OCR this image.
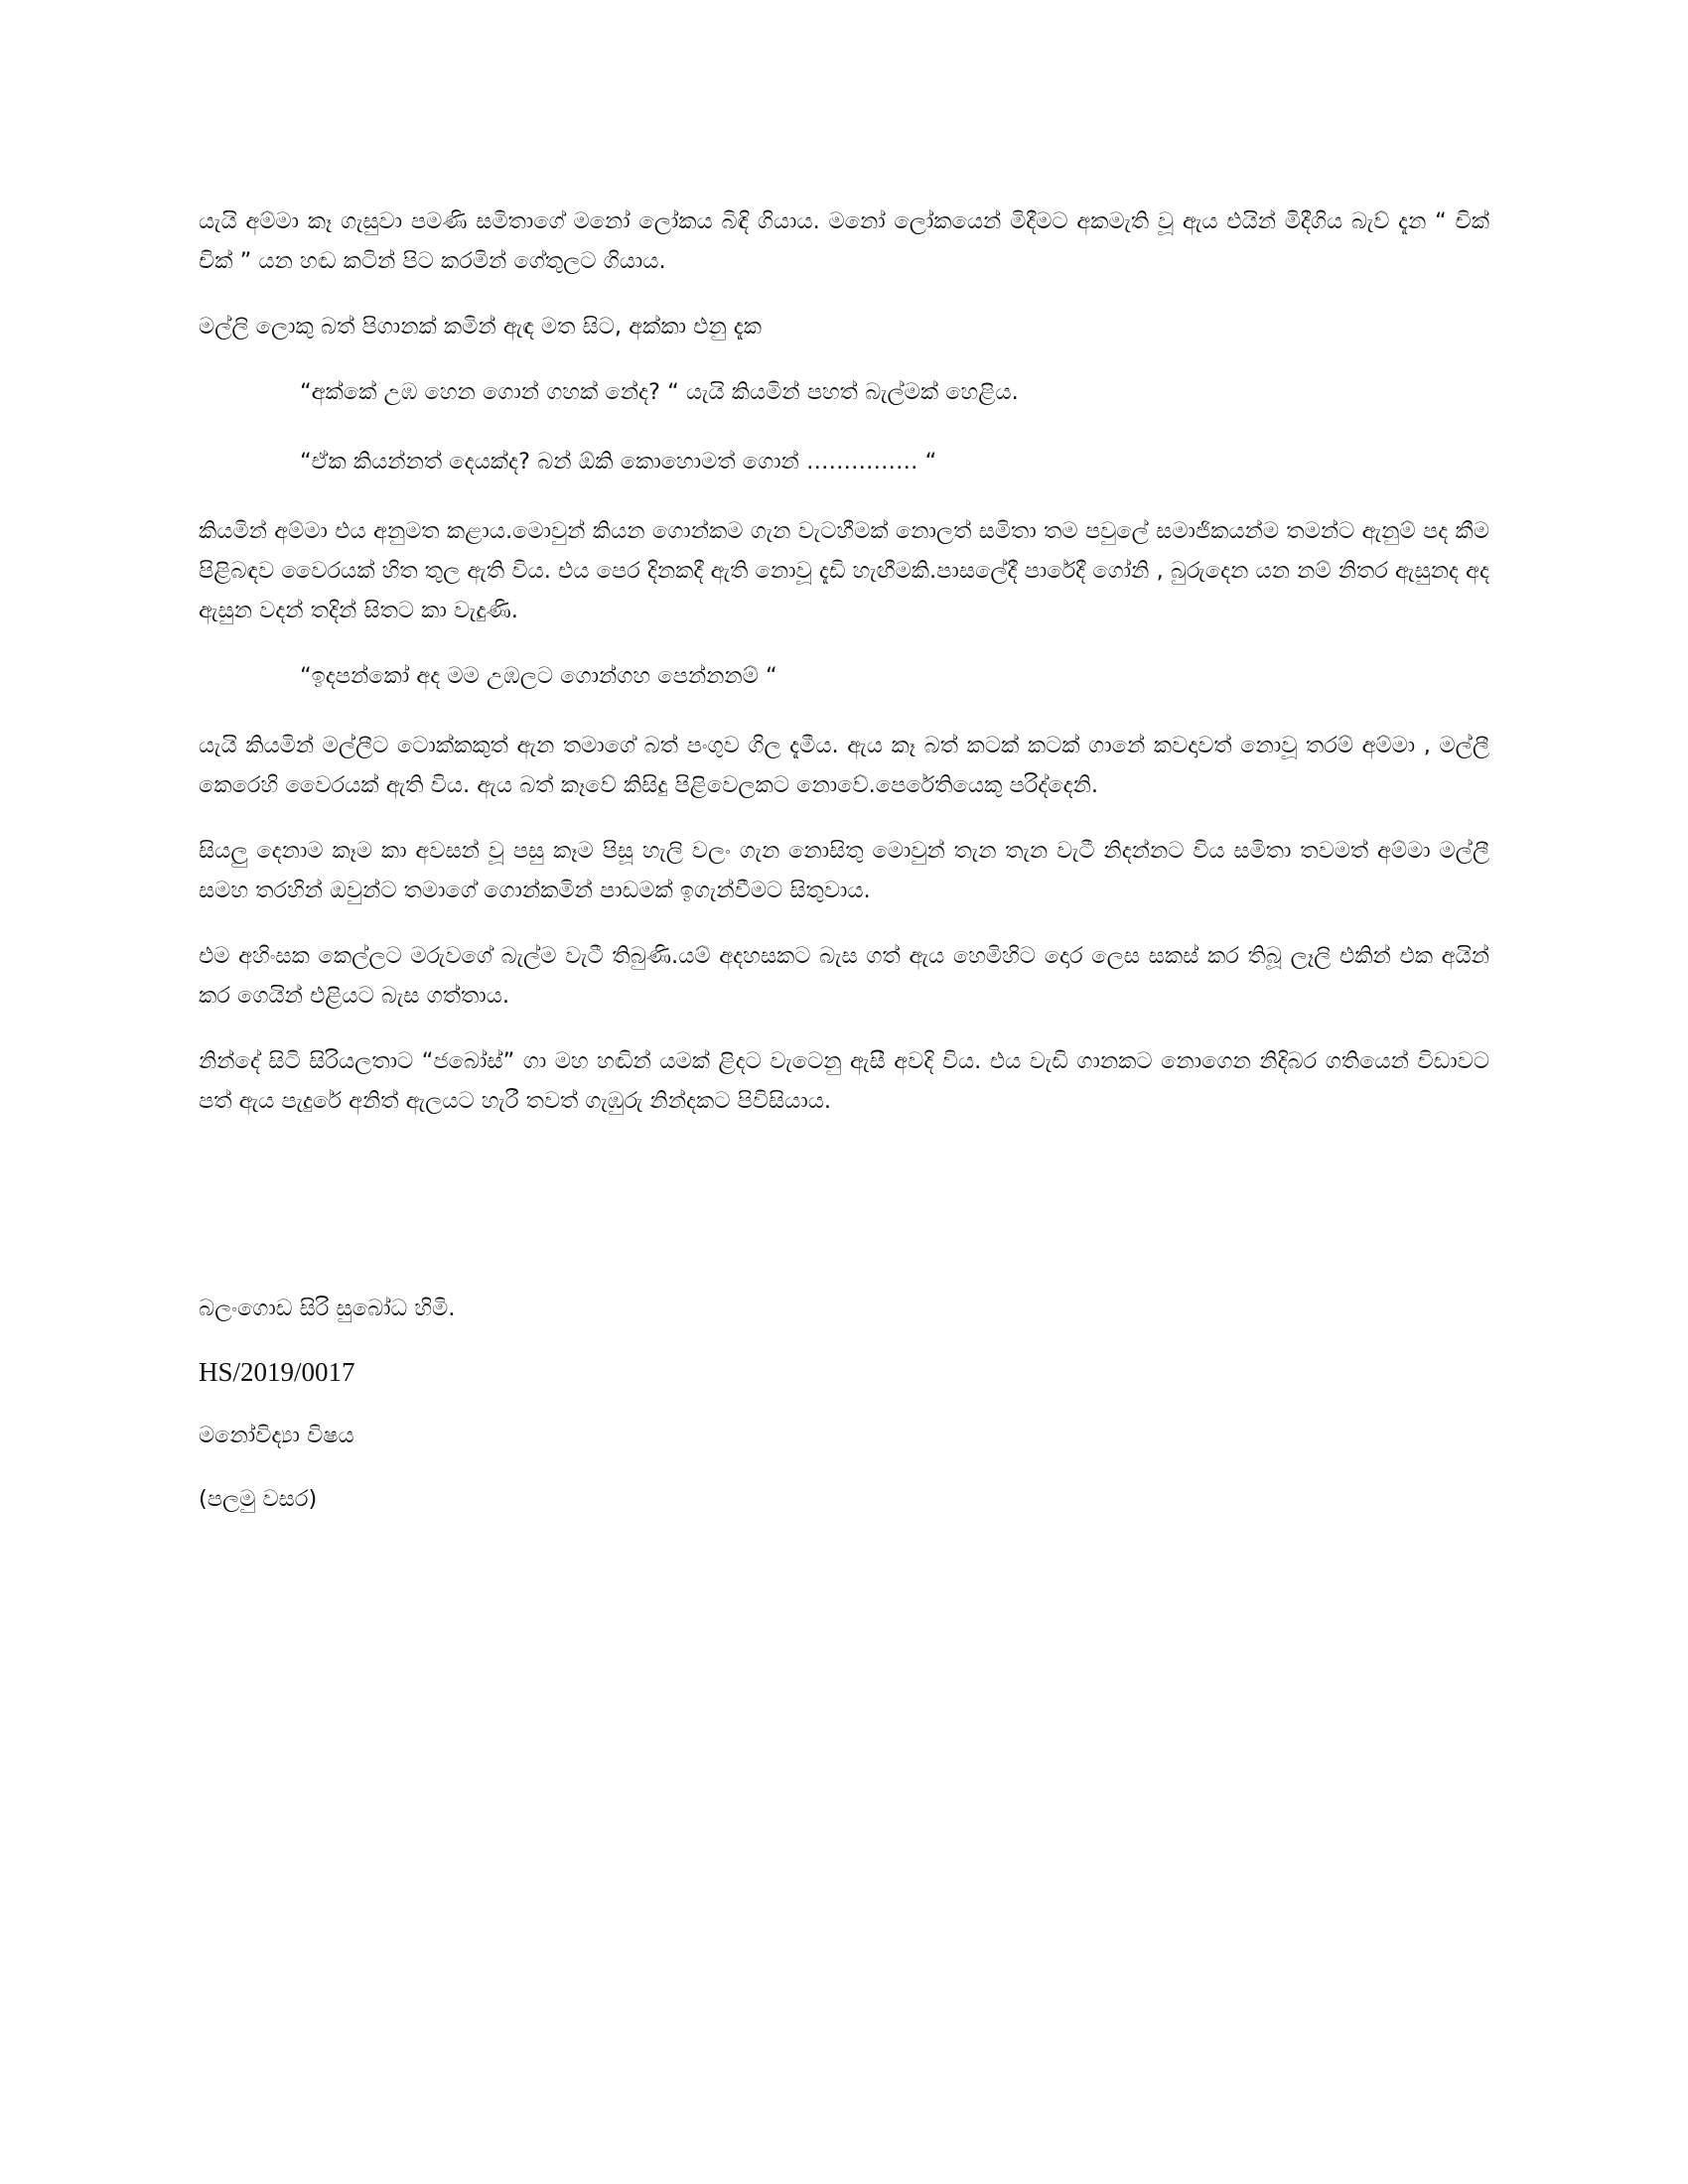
යැයි අම්මා කෑ ගැසුවා පමණි සමිතාගේ මනෝ ලෝකය බිඳි ගියාය. මනෝ ලෝකයෙන් මිදීමට අකමැති වූ ඇය එයින් මිදීගිය බැව් දැන “ චික් චික් ” යන හඬ කටින් පිට කරමින් ගේතුලට ගියාය.

මල්ලි ලොකු බත් පිගානක් කමින් ඇඳ මත සිට, අක්කා එනු දැක

“අක්කේ උඹ හෙන ගොන් ගහක් නේද? “ යැයි කියමින් පහත් බැල්මක් හෙළිය.

“ඒක කියන්නත් දෙයක්ද? බන් ඕකි කොහොමත් ගොන් …………… “

කියමින් අම්මා එය අනුමත කළාය.මොවුන් කියන ගොන්කම ගැන වැටහීමක් නොලත් සමිතා තම පවුලේ සමාජිකයන්ම තමන්ට ඇනුම් පද කීම පිළිබඳව වෛරයක් හිත තුල ඇති විය. එය පෙර දිනකදී ඇති නොවූ දැඩි හැඟීමකි.පාසලේදී පාරේදී ගෝනි , බුරුදෙන යන නම් නිතර ඇසුනද අද ඇසුන වදන් තදින් සිතට කා වැදුණි.

“ඉදපන්කෝ අද මම උඹලට ගොන්ගහ පෙන්නනම් “

යැයි කියමින් මල්ලීට ටොක්කකුත් ඇන තමාගේ බත් පංගුව ගිල දැමීය. ඇය කෑ බත් කටක් කටක් ගානේ කවදාවත් නොවූ තරම් අම්මා , මල්ලී කෙරෙහි වෛරයක් ඇති විය. ඇය බත් කෑවේ කිසිදු පිළිවෙලකට නොවේ.පෙරේතියෙකු පරිද්දෙනි.

සියලු දෙනාම කෑම කා අවසන් වූ පසු කෑම පිසූ හැලි වලං ගැන නොසිතු මොවුන් තැන තැන වැටී නිදන්නට විය සමිතා තවමත් අම්මා මල්ලී සමහ තරහින් ඔවුන්ට තමාගේ ගොන්කමින් පාඩමක් ඉගැන්වීමට සිතුවාය.

එම අහිංසක කෙල්ලට මරුවගේ බැල්ම වැටී තිබුණි.යම් අදහසකට බැස ගත් ඇය හෙමිහිට දොර ලෙස සකස් කර තිබූ ලෑලි එකින් එක අයින් කර ගෙයින් එළියට බැස ගත්තාය.

නින්දේ සිටි සිරියලතාට “ජබෝස්” ගා මහ හඬින් යමක් ළිදට වැටෙනු ඇසී අවදි විය. එය වැඩි ගානකට නොගෙන නිදිබර ගතියෙන් විඩාවට පත් ඇය පැදුරේ අනිත් ඇලයට හැරී තවත් ගැඹුරු නින්දකට පිවිසියාය.

බලංගොඩ සිරි සුබෝධ හිමි.

HS/2019/0017

මනෝවිද්‍යා විෂය

(පලමු වසර)
